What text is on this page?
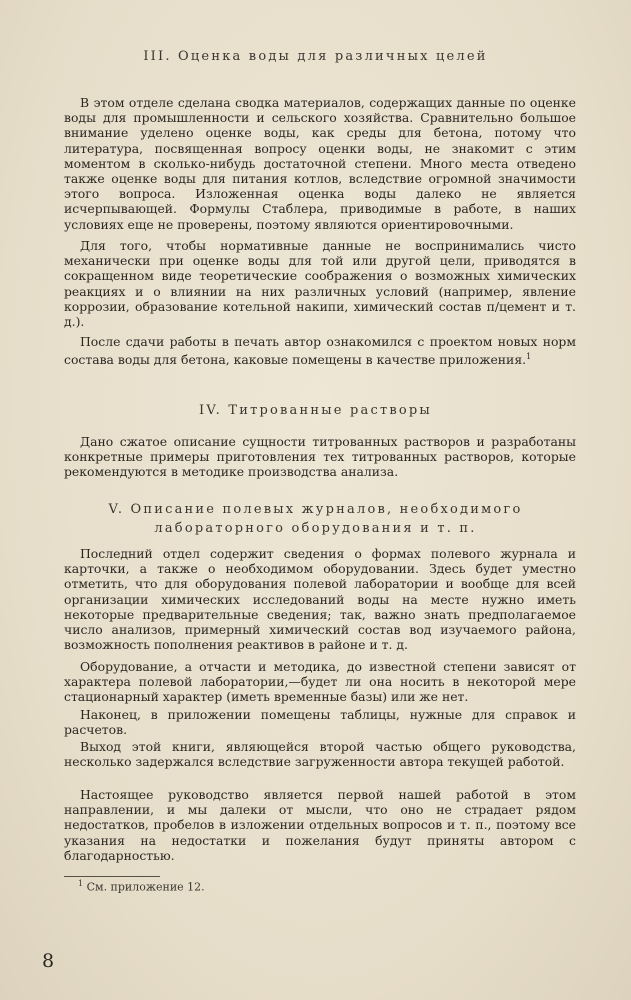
III. Оценка воды для различных целей

В этом отделе сделана сводка материалов, содержащих данные по оценке воды для промышленности и сельского хозяйства. Сравнительно большое внимание уделено оценке воды, как среды для бетона, потому что литература, посвященная вопросу оценки воды, не знакомит с этим моментом в сколько-нибудь достаточной степени. Много места отведено также оценке воды для питания котлов, вследствие огромной значимости этого вопроса. Изложенная оценка воды далеко не является исчерпывающей. Формулы Стаблера, приводимые в работе, в наших условиях еще не проверены, поэтому являются ориентировочными.

Для того, чтобы нормативные данные не воспринимались чисто механически при оценке воды для той или другой цели, приводятся в сокращенном виде теоретические соображения о возможных химических реакциях и о влиянии на них различных условий (например, явление коррозии, образование котельной накипи, химический состав п/цемент и т. д.).

После сдачи работы в печать автор ознакомился с проектом новых норм состава воды для бетона, каковые помещены в качестве приложения.$^1$

IV. Титрованные растворы

Дано сжатое описание сущности титрованных растворов и разработаны конкретные примеры приготовления тех титрованных растворов, которые рекомендуются в методике производства анализа.

V. Описание полевых журналов, необходимого лабораторного оборудования и т. п.

Последний отдел содержит сведения о формах полевого журнала и карточки, а также о необходимом оборудовании. Здесь будет уместно отметить, что для оборудования полевой лаборатории и вообще для всей организации химических исследований воды на месте нужно иметь некоторые предварительные сведения; так, важно знать предполагаемое число анализов, примерный химический состав вод изучаемого района, возможность пополнения реактивов в районе и т. д.

Оборудование, а отчасти и методика, до известной степени зависят от характера полевой лаборатории,—будет ли она носить в некоторой мере стационарный характер (иметь временные базы) или же нет.

Наконец, в приложении помещены таблицы, нужные для справок и расчетов.

Выход этой книги, являющейся второй частью общего руководства, несколько задержался вследствие загруженности автора текущей работой.

Настоящее руководство является первой нашей работой в этом направлении, и мы далеки от мысли, что оно не страдает рядом недостатков, пробелов в изложении отдельных вопросов и т. п., поэтому все указания на недостатки и пожелания будут приняты автором с благодарностью.

$^1$ См. приложение 12.
8
